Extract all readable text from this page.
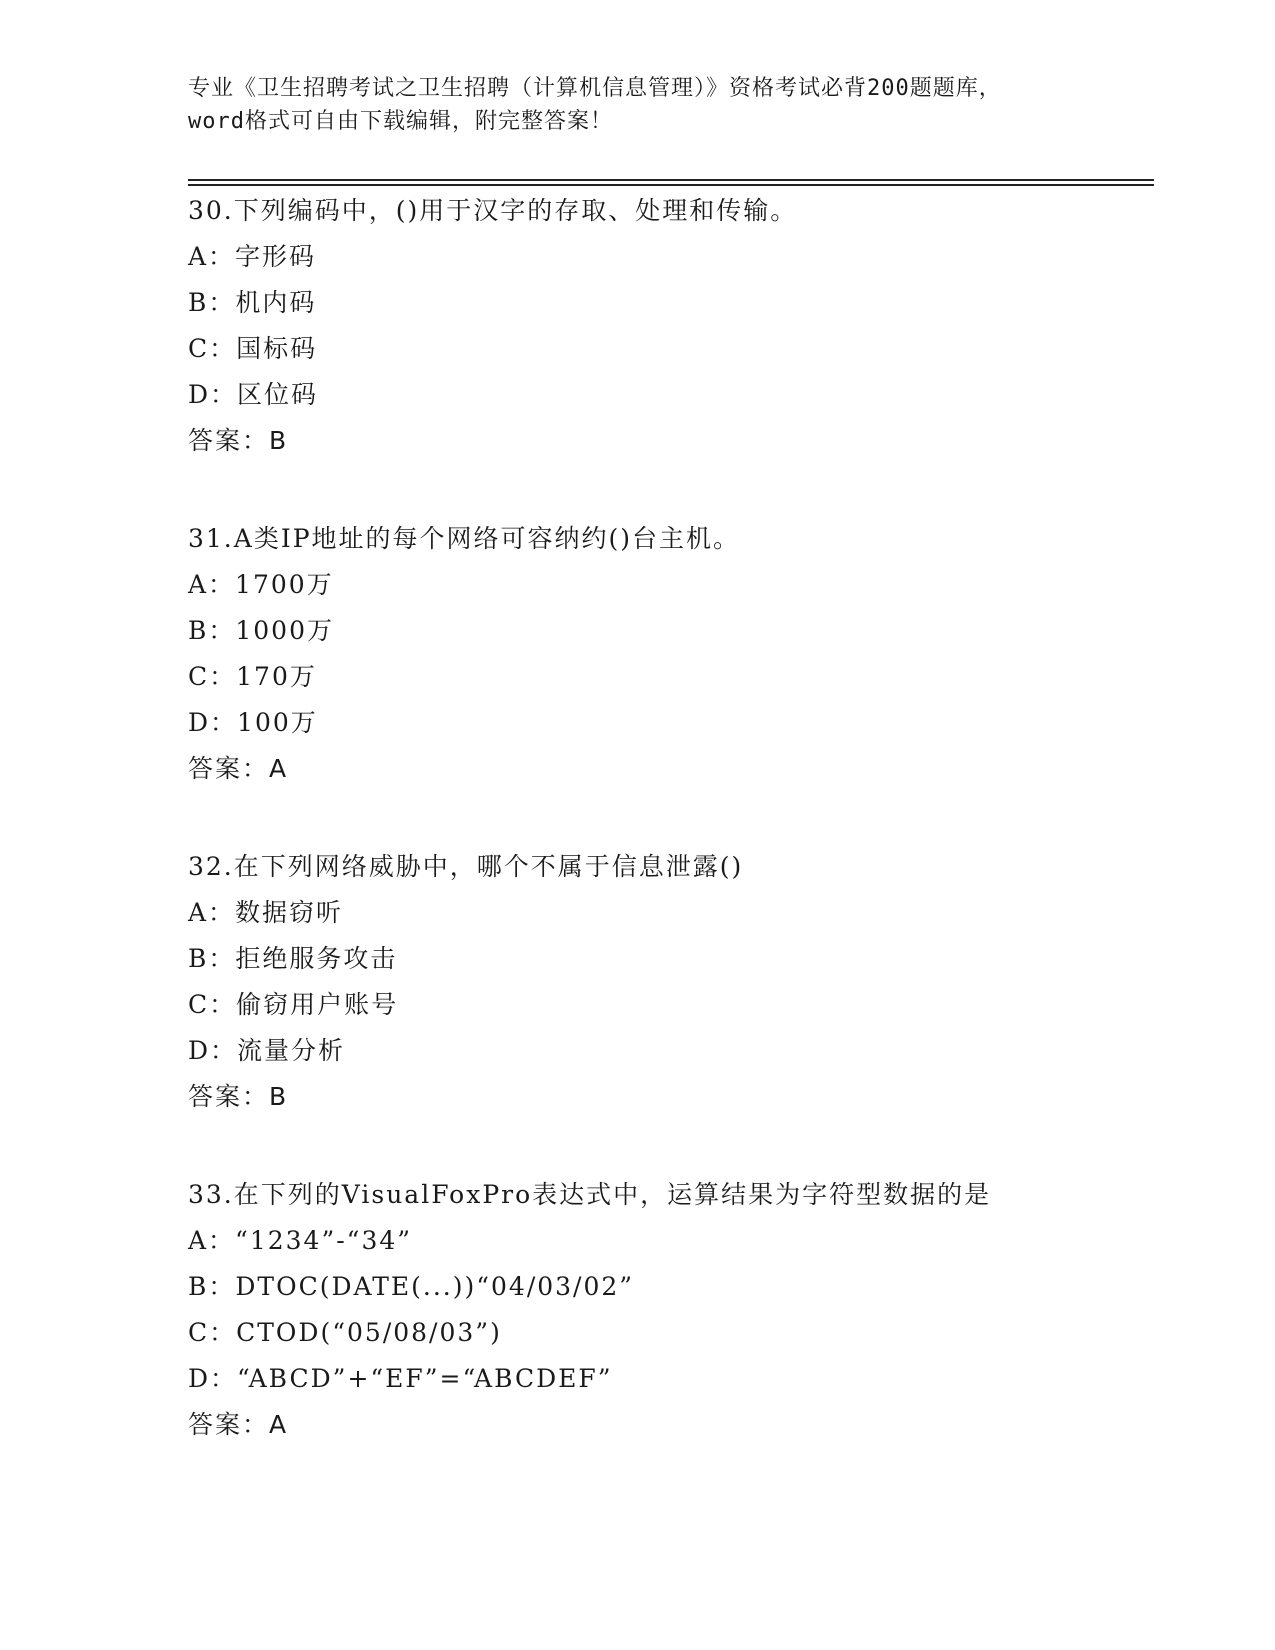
专业《卫生招聘考试之卫生招聘（计算机信息管理）》资格考试必背200题题库，
word格式可自由下载编辑，附完整答案！
30.下列编码中，()用于汉字的存取、处理和传输。
A：字形码
B：机内码
C：国标码
D：区位码
答案：B
31.A类IP地址的每个网络可容纳约()台主机。
A：1700万
B：1000万
C：170万
D：100万
答案：A
32.在下列网络威胁中，哪个不属于信息泄露()
A：数据窃听
B：拒绝服务攻击
C：偷窃用户账号
D：流量分析
答案：B
33.在下列的VisualFoxPro表达式中，运算结果为字符型数据的是
A：“1234”-“34”
B：DTOC(DATE(...))“04/03/02”
C：CTOD(“05/08/03”)
D：“ABCD”+“EF”=“ABCDEF”
答案：A
